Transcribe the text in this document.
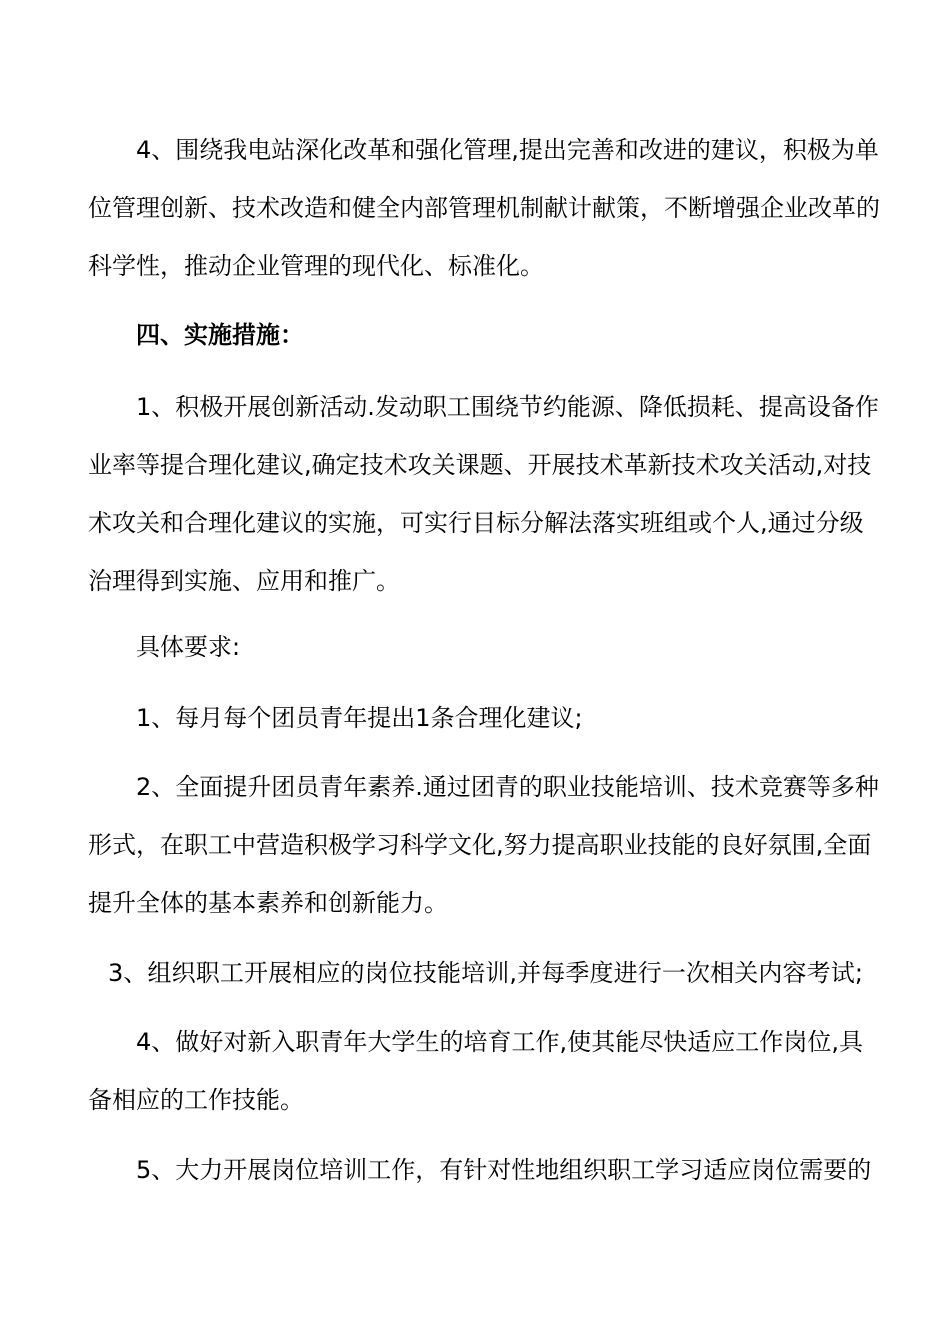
4、围绕我电站深化改革和强化管理,提出完善和改进的建议，积极为单
位管理创新、技术改造和健全内部管理机制献计献策，不断增强企业改革的
科学性，推动企业管理的现代化、标准化。
四、实施措施：
1、积极开展创新活动.发动职工围绕节约能源、降低损耗、提高设备作
业率等提合理化建议,确定技术攻关课题、开展技术革新技术攻关活动,对技
术攻关和合理化建议的实施，可实行目标分解法落实班组或个人,通过分级
治理得到实施、应用和推广。
具体要求:
1、每月每个团员青年提出1条合理化建议;
2、全面提升团员青年素养.通过团青的职业技能培训、技术竞赛等多种
形式，在职工中营造积极学习科学文化,努力提高职业技能的良好氛围,全面
提升全体的基本素养和创新能力。
3、组织职工开展相应的岗位技能培训,并每季度进行一次相关内容考试;
4、做好对新入职青年大学生的培育工作,使其能尽快适应工作岗位,具
备相应的工作技能。
5、大力开展岗位培训工作，有针对性地组织职工学习适应岗位需要的
